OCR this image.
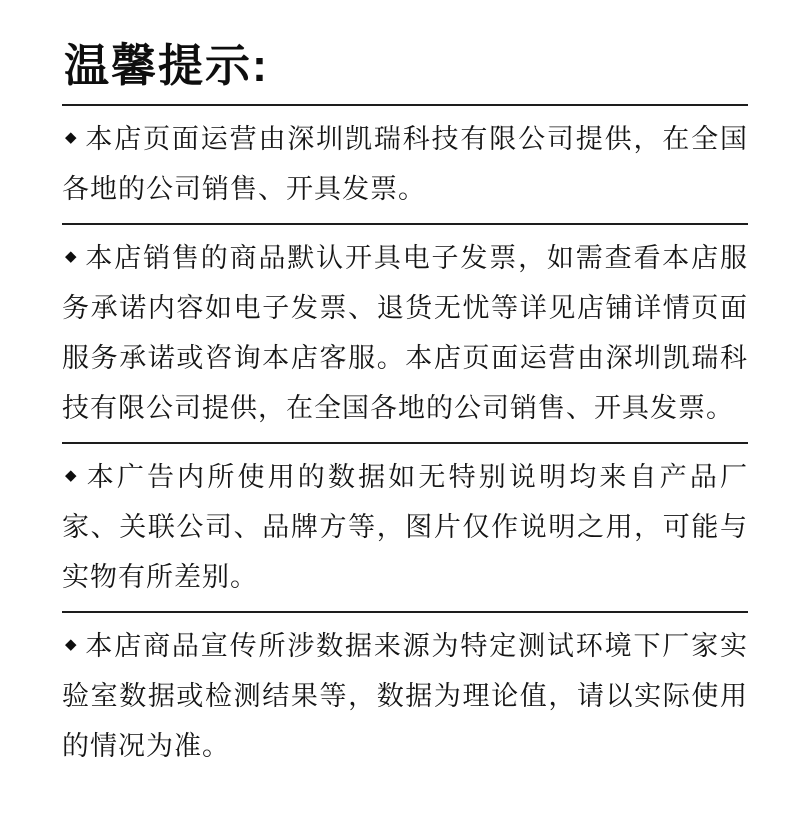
温馨提示:
◆ 本店页面运营由深圳凯瑞科技有限公司提供，在全国各地的公司销售、开具发票。
◆ 本店销售的商品默认开具电子发票，如需查看本店服务承诺内容如电子发票、退货无忧等详见店铺详情页面服务承诺或咨询本店客服。本店页面运营由深圳凯瑞科技有限公司提供，在全国各地的公司销售、开具发票。
◆ 本广告内所使用的数据如无特别说明均来自产品厂家、关联公司、品牌方等，图片仅作说明之用，可能与实物有所差别。
◆ 本店商品宣传所涉数据来源为特定测试环境下厂家实验室数据或检测结果等，数据为理论值，请以实际使用的情况为准。
